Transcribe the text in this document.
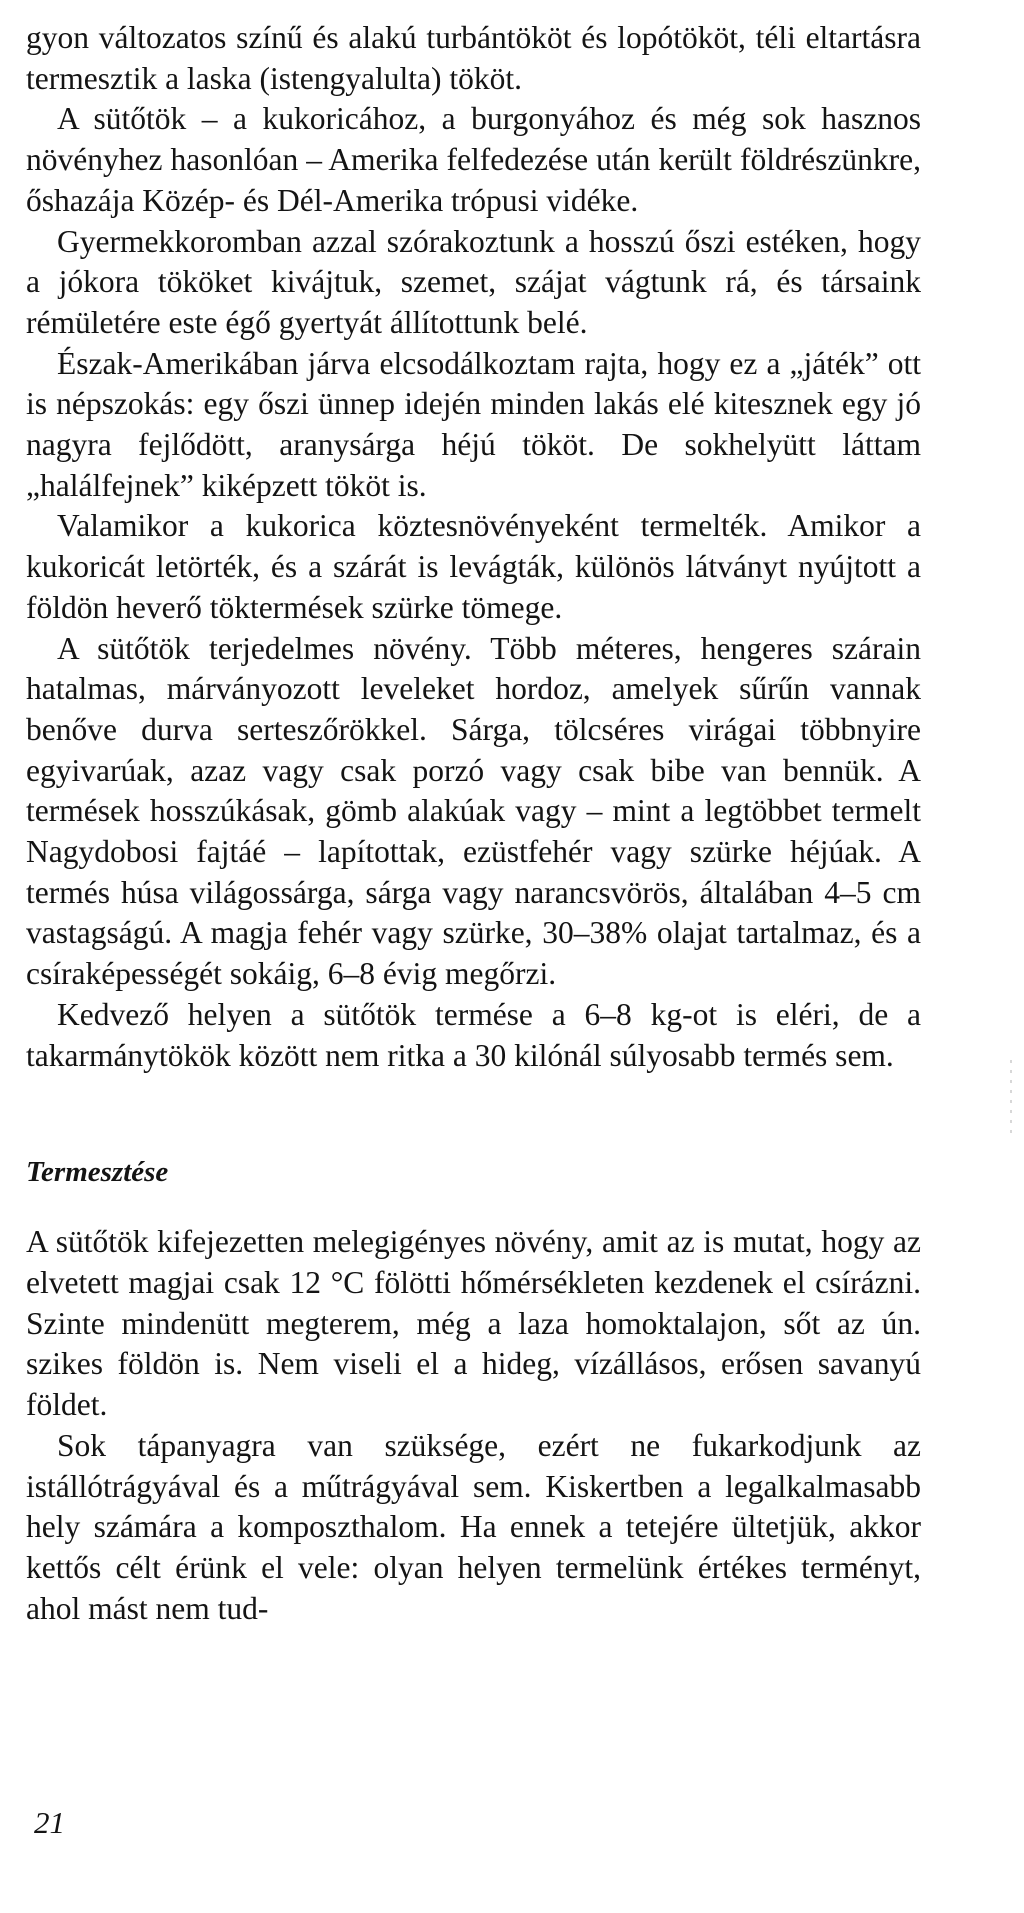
gyon változatos színű és alakú turbántököt és lopótököt, téli eltartásra termesztik a laska (istengyalulta) tököt.

A sütőtök – a kukoricához, a burgonyához és még sok hasznos növényhez hasonlóan – Amerika felfedezése után került földrészünkre, őshazája Közép- és Dél-Amerika trópusi vidéke.

Gyermekkoromban azzal szórakoztunk a hosszú őszi estéken, hogy a jókora tököket kivájtuk, szemet, szájat vágtunk rá, és társaink rémületére este égő gyertyát állítottunk belé.

Észak-Amerikában járva elcsodálkoztam rajta, hogy ez a „játék” ott is népszokás: egy őszi ünnep idején minden lakás elé kitesznek egy jó nagyra fejlődött, aranysárga héjú tököt. De sokhelyütt láttam „halálfejnek” kiképzett tököt is.

Valamikor a kukorica köztesnövényeként termelték. Amikor a kukoricát letörték, és a szárát is levágták, különös látványt nyújtott a földön heverő töktermések szürke tömege.

A sütőtök terjedelmes növény. Több méteres, hengeres szárain hatalmas, márványozott leveleket hordoz, amelyek sűrűn vannak benőve durva serteszőrökkel. Sárga, tölcséres virágai többnyire egyivarúak, azaz vagy csak porzó vagy csak bibe van bennük. A termések hosszúkásak, gömb alakúak vagy – mint a legtöbbet termelt Nagydobosi fajtáé – lapítottak, ezüstfehér vagy szürke héjúak. A termés húsa világossárga, sárga vagy narancsvörös, általában 4–5 cm vastagságú. A magja fehér vagy szürke, 30–38% olajat tartalmaz, és a csíraképességét sokáig, 6–8 évig megőrzi.

Kedvező helyen a sütőtök termése a 6–8 kg-ot is eléri, de a takarmánytökök között nem ritka a 30 kilónál súlyosabb termés sem.

Termesztése

A sütőtök kifejezetten melegigényes növény, amit az is mutat, hogy az elvetett magjai csak 12 °C fölötti hőmérsékleten kezdenek el csírázni. Szinte mindenütt megterem, még a laza homoktalajon, sőt az ún. szikes földön is. Nem viseli el a hideg, vízállásos, erősen savanyú földet.

Sok tápanyagra van szüksége, ezért ne fukarkodjunk az istállótrágyával és a műtrágyával sem. Kiskertben a legalkalmasabb hely számára a komposzthalom. Ha ennek a tetejére ültetjük, akkor kettős célt érünk el vele: olyan helyen termelünk értékes terményt, ahol mást nem tud-

21
